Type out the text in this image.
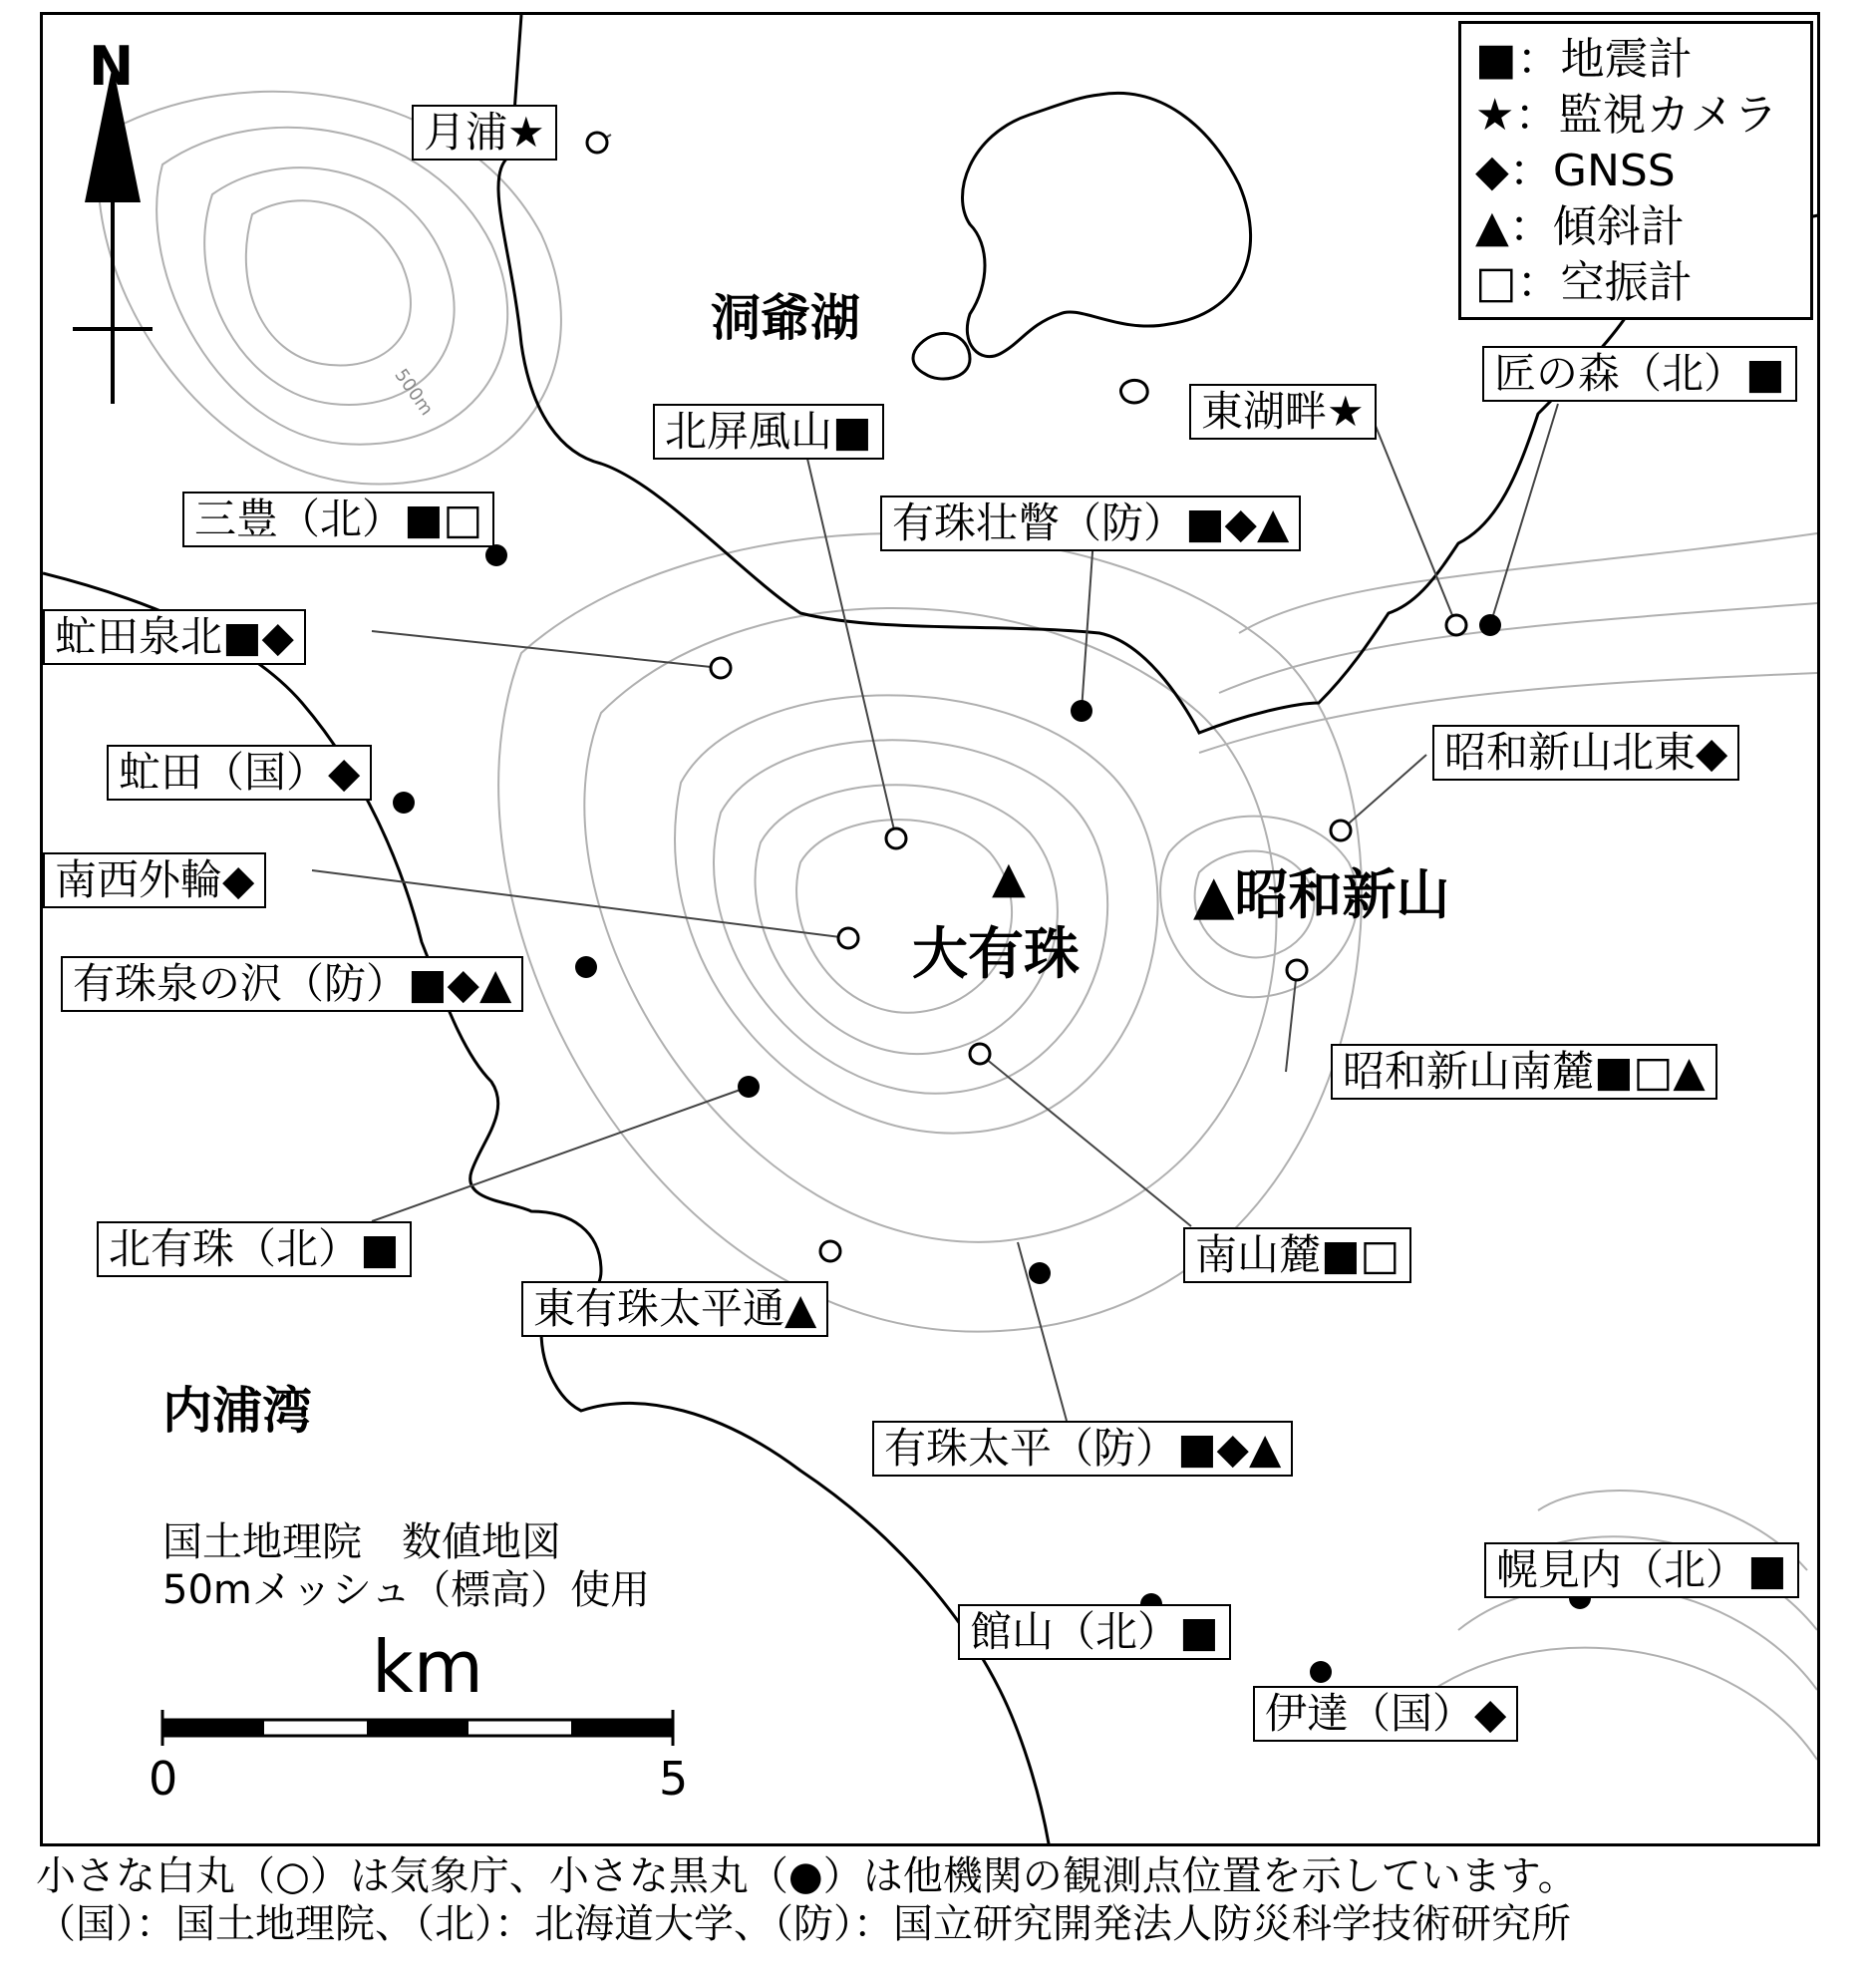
N
500m
■：地震計
★：監視カメラ
◆：GNSS
▲：傾斜計
□：空振計
洞爺湖
内浦湾
▲
大有珠
▲昭和新山
月浦★
北屏風山■	東湖畔★
匠の森（北）■
三豊（北）■□	有珠壮瞥（防）■◆▲
虻田泉北■◆
昭和新山北東◆
虻田（国）◆
南西外輪◆
有珠泉の沢（防）■◆▲
昭和新山南麓■□▲
北有珠（北）■	南山麓■□
東有珠太平通▲
有珠太平（防）■◆▲
幌見内（北）■
館山（北）■
伊達（国）◆
国土地理院　数値地図
50mメッシュ（標高）使用
km
0	5
小さな白丸（○）は気象庁、小さな黒丸（●）は他機関の観測点位置を示しています。
（国）：国土地理院、（北）：北海道大学、（防）：国立研究開発法人防災科学技術研究所
